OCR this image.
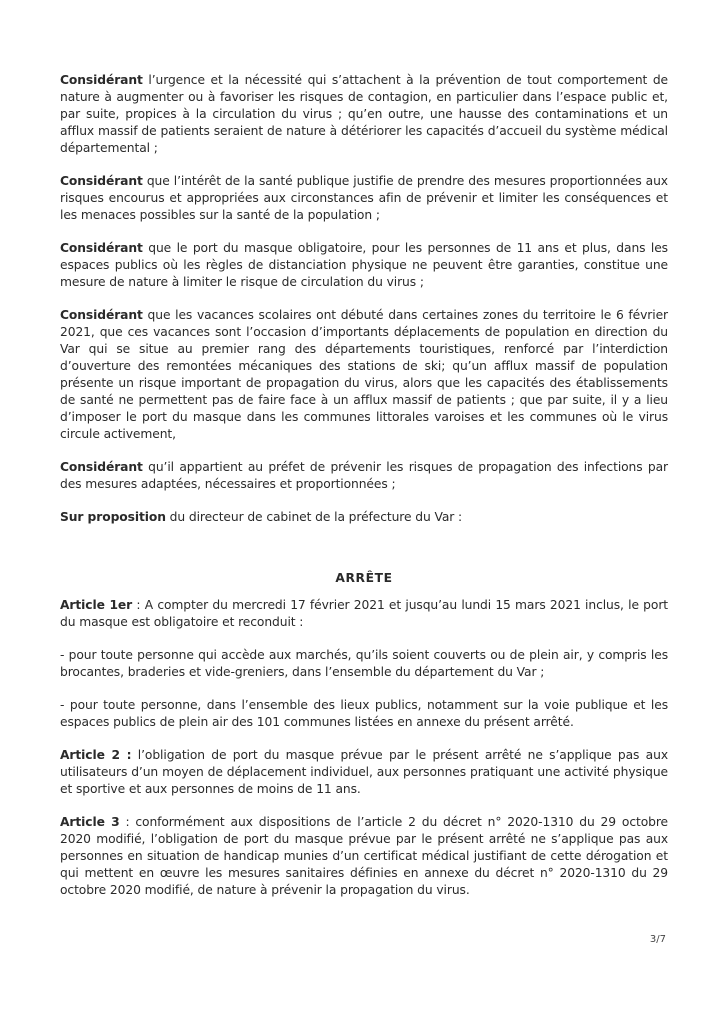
Considérant l’urgence et la nécessité qui s’attachent à la prévention de tout comportement de nature à augmenter ou à favoriser les risques de contagion, en particulier dans l’espace public et, par suite, propices à la circulation du virus ; qu’en outre, une hausse des contaminations et un afflux massif de patients seraient de nature à détériorer les capacités d’accueil du système médical départemental ;

Considérant que l’intérêt de la santé publique justifie de prendre des mesures proportionnées aux risques encourus et appropriées aux circonstances afin de prévenir et limiter les conséquences et les menaces possibles sur la santé de la population ;

Considérant que le port du masque obligatoire, pour les personnes de 11 ans et plus, dans les espaces publics où les règles de distanciation physique ne peuvent être garanties, constitue une mesure de nature à limiter le risque de circulation du virus ;

Considérant que les vacances scolaires ont débuté dans certaines zones du territoire le 6 février 2021, que ces vacances sont l’occasion d’importants déplacements de population en direction du Var qui se situe au premier rang des départements touristiques, renforcé par l’interdiction d’ouverture des remontées mécaniques des stations de ski; qu’un afflux massif de population présente un risque important de propagation du virus, alors que les capacités des établissements de santé ne permettent pas de faire face à un afflux massif de patients ; que par suite, il y a lieu d’imposer le port du masque dans les communes littorales varoises et les communes où le virus circule activement,

Considérant qu’il appartient au préfet de prévenir les risques de propagation des infections par des mesures adaptées, nécessaires et proportionnées ;

Sur proposition du directeur de cabinet de la préfecture du Var :

ARRÊTE

Article 1er : A compter du mercredi 17 février 2021 et jusqu’au lundi 15 mars 2021 inclus, le port du masque est obligatoire et reconduit :

- pour toute personne qui accède aux marchés, qu’ils soient couverts ou de plein air, y compris les brocantes, braderies et vide-greniers, dans l’ensemble du département du Var ;

- pour toute personne, dans l’ensemble des lieux publics, notamment sur la voie publique et les espaces publics de plein air des 101 communes listées en annexe du présent arrêté.

Article 2 : l’obligation de port du masque prévue par le présent arrêté ne s’applique pas aux utilisateurs d’un moyen de déplacement individuel, aux personnes pratiquant une activité physique et sportive et aux personnes de moins de 11 ans.

Article 3 : conformément aux dispositions de l’article 2 du décret n° 2020-1310 du 29 octobre 2020 modifié, l’obligation de port du masque prévue par le présent arrêté ne s’applique pas aux personnes en situation de handicap munies d’un certificat médical justifiant de cette dérogation et qui mettent en œuvre les mesures sanitaires définies en annexe du décret n° 2020-1310 du 29 octobre 2020 modifié, de nature à prévenir la propagation du virus.

3/7
